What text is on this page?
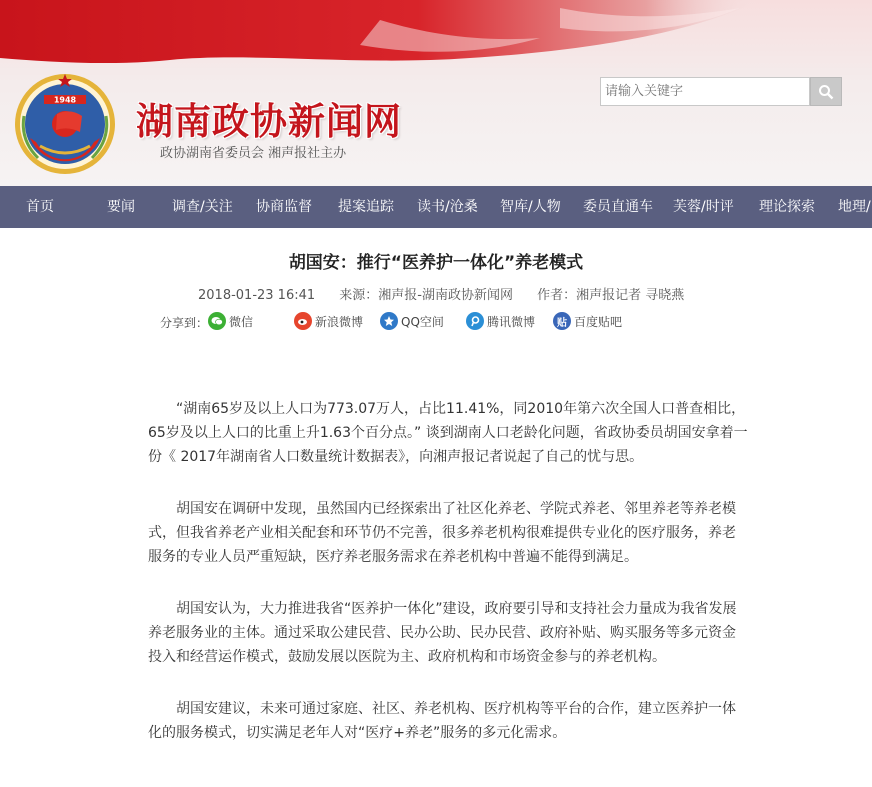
1948 湖南政协新闻网
政协湖南省委员会 湘声报社主办
请输入关键字
首页	要闻	调查/关注 协商监督 提案追踪 读书/沧桑 智库/人物 委员直通车 芙蓉/时评 理论探索 地理/
胡国安：推行“医养护一体化”养老模式
2018-01-23 16:41 来源：湘声报-湖南政协新闻网 作者：湘声报记者 寻晓燕
分享到： 微信	新浪微博	QQ空间	腾讯微博	贴 百度贴吧

“湖南65岁及以上人口为773.07万人，占比11.41%，同2010年第六次全国人口普查相比，65岁及以上人口的比重上升1.63个百分点。” 谈到湖南人口老龄化问题，省政协委员胡国安拿着一份《 2017年湖南省人口数量统计数据表》，向湘声报记者说起了自己的忧与思。

胡国安在调研中发现，虽然国内已经探索出了社区化养老、学院式养老、邻里养老等养老模式，但我省养老产业相关配套和环节仍不完善，很多养老机构很难提供专业化的医疗服务，养老服务的专业人员严重短缺，医疗养老服务需求在养老机构中普遍不能得到满足。

胡国安认为，大力推进我省“医养护一体化”建设，政府要引导和支持社会力量成为我省发展养老服务业的主体。通过采取公建民营、民办公助、民办民营、政府补贴、购买服务等多元资金投入和经营运作模式，鼓励发展以医院为主、政府机构和市场资金参与的养老机构。

胡国安建议，未来可通过家庭、社区、养老机构、医疗机构等平台的合作，建立医养护一体化的服务模式，切实满足老年人对“医疗+养老”服务的多元化需求。
